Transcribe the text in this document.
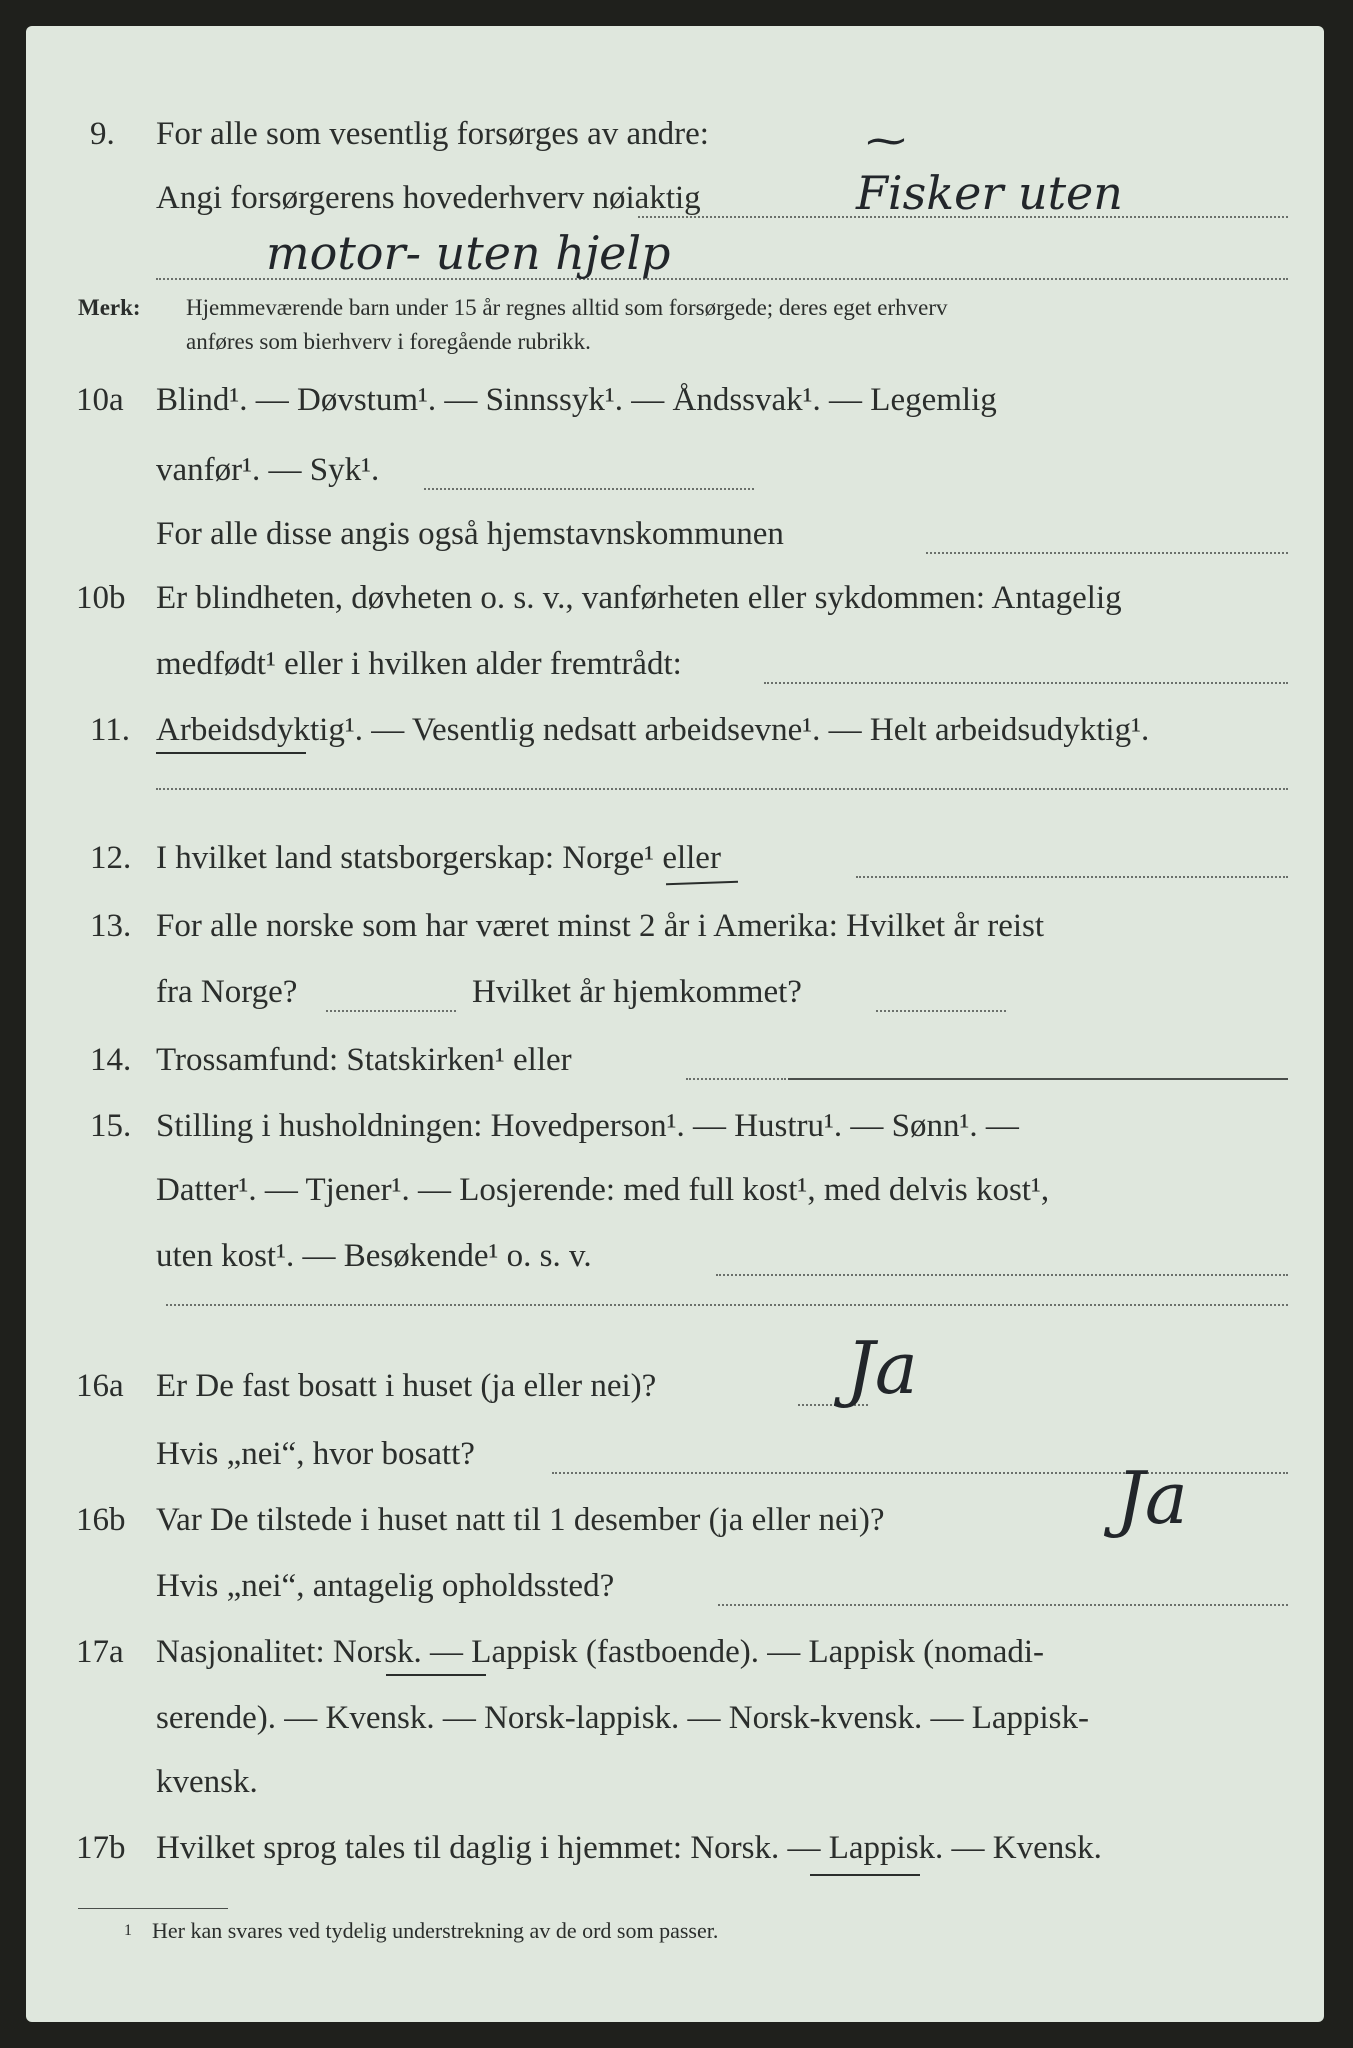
9. For alle som vesentlig forsørges av andre:
Angi forsørgerens hovederhverv nøiaktig	Fisker uten
motor- uten hjelp
⁓
Merk: Hjemmeværende barn under 15 år regnes alltid som forsørgede; deres eget erhverv
anføres som bierhverv i foregående rubrikk.
10a Blind¹. — Døvstum¹. — Sinnssyk¹. — Åndssvak¹. — Legemlig
vanfør¹. — Syk¹.
For alle disse angis også hjemstavnskommunen
10b Er blindheten, døvheten o. s. v., vanførheten eller sykdommen: Antagelig
medfødt¹ eller i hvilken alder fremtrådt:
11. Arbeidsdyktig¹. — Vesentlig nedsatt arbeidsevne¹. — Helt arbeidsudyktig¹.
12. I hvilket land statsborgerskap: Norge¹ eller
13. For alle norske som har været minst 2 år i Amerika: Hvilket år reist
fra Norge?	Hvilket år hjemkommet?
14. Trossamfund: Statskirken¹ eller
15. Stilling i husholdningen: Hovedperson¹. — Hustru¹. — Sønn¹. —
Datter¹. — Tjener¹. — Losjerende: med full kost¹, med delvis kost¹,
uten kost¹. — Besøkende¹ o. s. v.
16a Er De fast bosatt i huset (ja eller nei)?	Ja
Hvis „nei“, hvor bosatt?
16b Var De tilstede i huset natt til 1 desember (ja eller nei)?	Ja
Hvis „nei“, antagelig opholdssted?
17a Nasjonalitet: Norsk. — Lappisk (fastboende). — Lappisk (nomadi-
serende). — Kvensk. — Norsk-lappisk. — Norsk-kvensk. — Lappisk-
kvensk.
17b Hvilket sprog tales til daglig i hjemmet: Norsk. — Lappisk. — Kvensk.
1 Her kan svares ved tydelig understrekning av de ord som passer.
